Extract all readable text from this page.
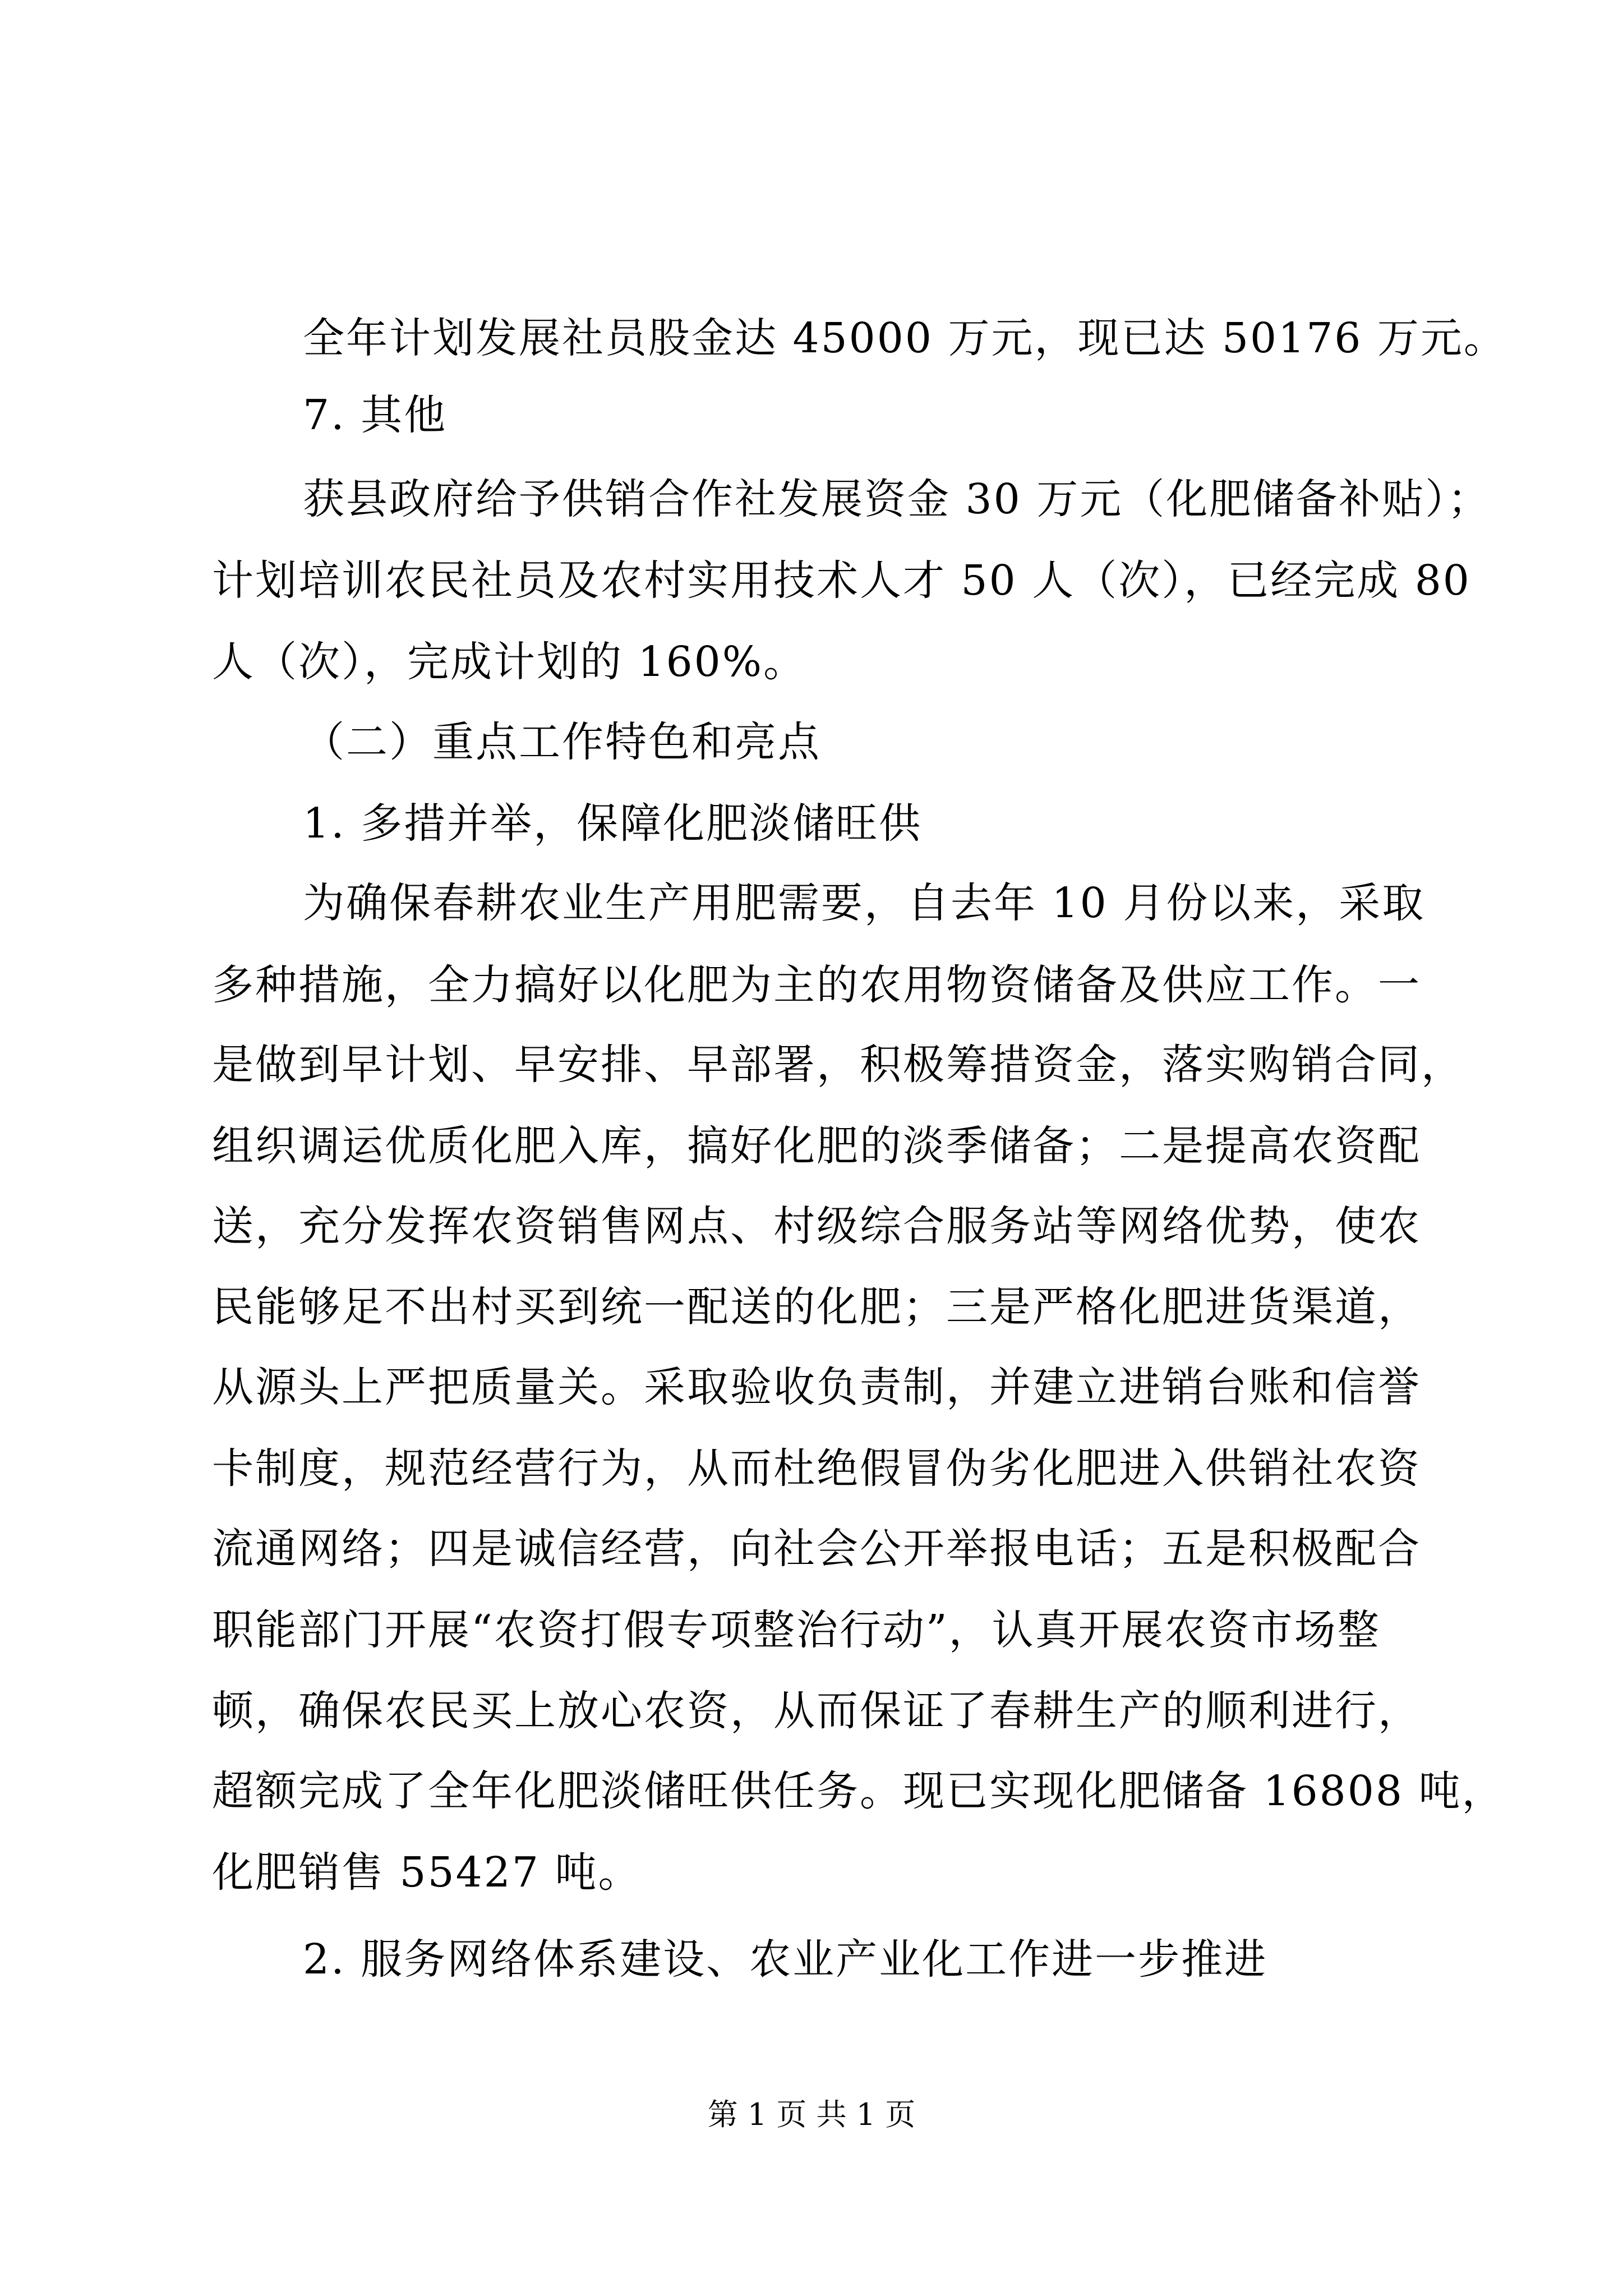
全年计划发展社员股金达 45000 万元，现已达 50176 万元。
7. 其他
获县政府给予供销合作社发展资金 30 万元（化肥储备补贴）；
计划培训农民社员及农村实用技术人才 50 人（次），已经完成 80
人（次），完成计划的 160%。
（二）重点工作特色和亮点
1. 多措并举，保障化肥淡储旺供
为确保春耕农业生产用肥需要，自去年 10 月份以来，采取
多种措施，全力搞好以化肥为主的农用物资储备及供应工作。一
是做到早计划、早安排、早部署，积极筹措资金，落实购销合同，
组织调运优质化肥入库，搞好化肥的淡季储备；二是提高农资配
送，充分发挥农资销售网点、村级综合服务站等网络优势，使农
民能够足不出村买到统一配送的化肥；三是严格化肥进货渠道，
从源头上严把质量关。采取验收负责制，并建立进销台账和信誉
卡制度，规范经营行为，从而杜绝假冒伪劣化肥进入供销社农资
流通网络；四是诚信经营，向社会公开举报电话；五是积极配合
职能部门开展“农资打假专项整治行动”，认真开展农资市场整
顿，确保农民买上放心农资，从而保证了春耕生产的顺利进行，
超额完成了全年化肥淡储旺供任务。现已实现化肥储备 16808 吨，
化肥销售 55427 吨。
2. 服务网络体系建设、农业产业化工作进一步推进
第 1 页 共 1 页
